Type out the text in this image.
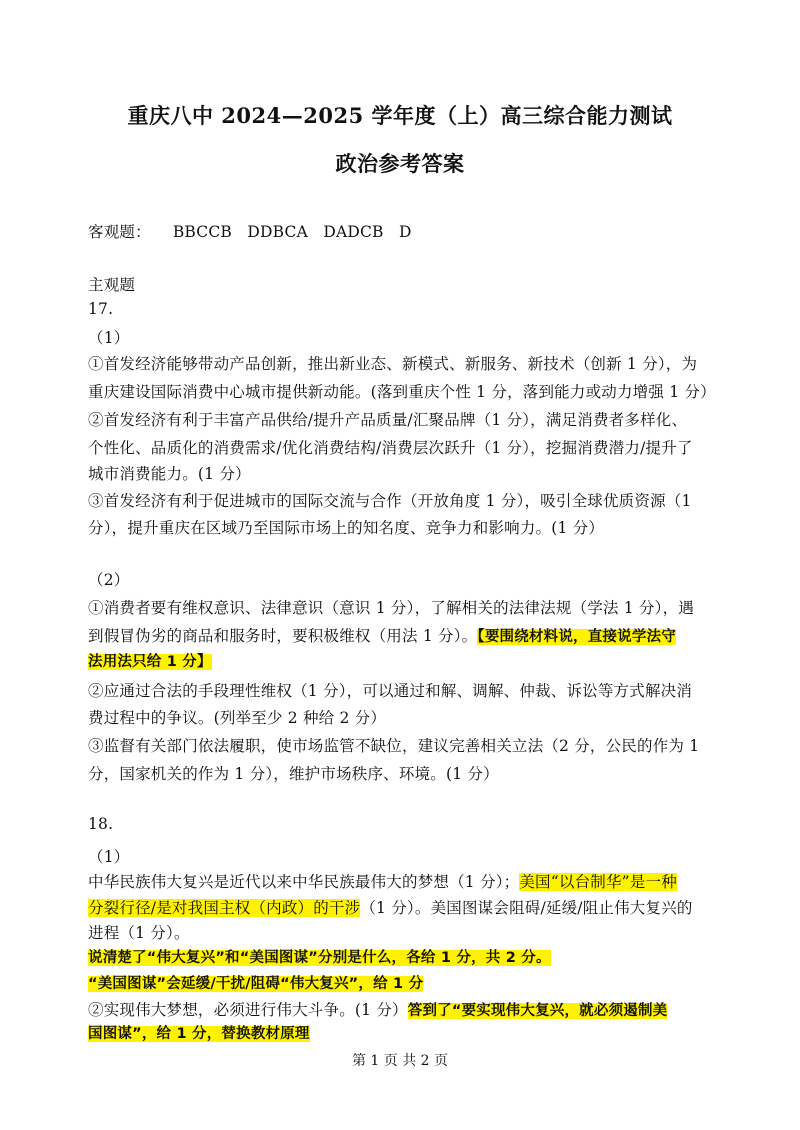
重庆八中 2024—2025 学年度（上）高三综合能力测试
政治参考答案
客观题： BBCCB   DDBCA   DADCB   D
主观题
17.
（1）
①首发经济能够带动产品创新，推出新业态、新模式、新服务、新技术（创新 1 分），为
重庆建设国际消费中心城市提供新动能。(落到重庆个性 1 分，落到能力或动力增强 1 分）
②首发经济有利于丰富产品供给/提升产品质量/汇聚品牌（1 分），满足消费者多样化、
个性化、品质化的消费需求/优化消费结构/消费层次跃升（1 分），挖掘消费潜力/提升了
城市消费能力。(1 分）
③首发经济有利于促进城市的国际交流与合作（开放角度 1 分），吸引全球优质资源（1
分），提升重庆在区域乃至国际市场上的知名度、竞争力和影响力。(1 分）
（2）
①消费者要有维权意识、法律意识（意识 1 分），了解相关的法律法规（学法 1 分），遇
到假冒伪劣的商品和服务时，要积极维权（用法 1 分）。【要围绕材料说，直接说学法守
法用法只给 1 分】
②应通过合法的手段理性维权（1 分），可以通过和解、调解、仲裁、诉讼等方式解决消
费过程中的争议。(列举至少 2 种给 2 分）
③监督有关部门依法履职，使市场监管不缺位，建议完善相关立法（2 分，公民的作为 1
分，国家机关的作为 1 分），维护市场秩序、环境。(1 分）
18.
（1）
中华民族伟大复兴是近代以来中华民族最伟大的梦想（1 分）；美国“以台制华”是一种
分裂行径/是对我国主权（内政）的干涉（1 分）。美国图谋会阻碍/延缓/阻止伟大复兴的
进程（1 分）。
说清楚了“伟大复兴”和“美国图谋”分别是什么，各给 1 分，共 2 分。
“美国图谋”会延缓/干扰/阻碍“伟大复兴”，给 1 分
②实现伟大梦想，必须进行伟大斗争。(1 分）答到了“要实现伟大复兴，就必须遏制美
国图谋”，给 1 分，替换教材原理
第 1 页 共 2 页
